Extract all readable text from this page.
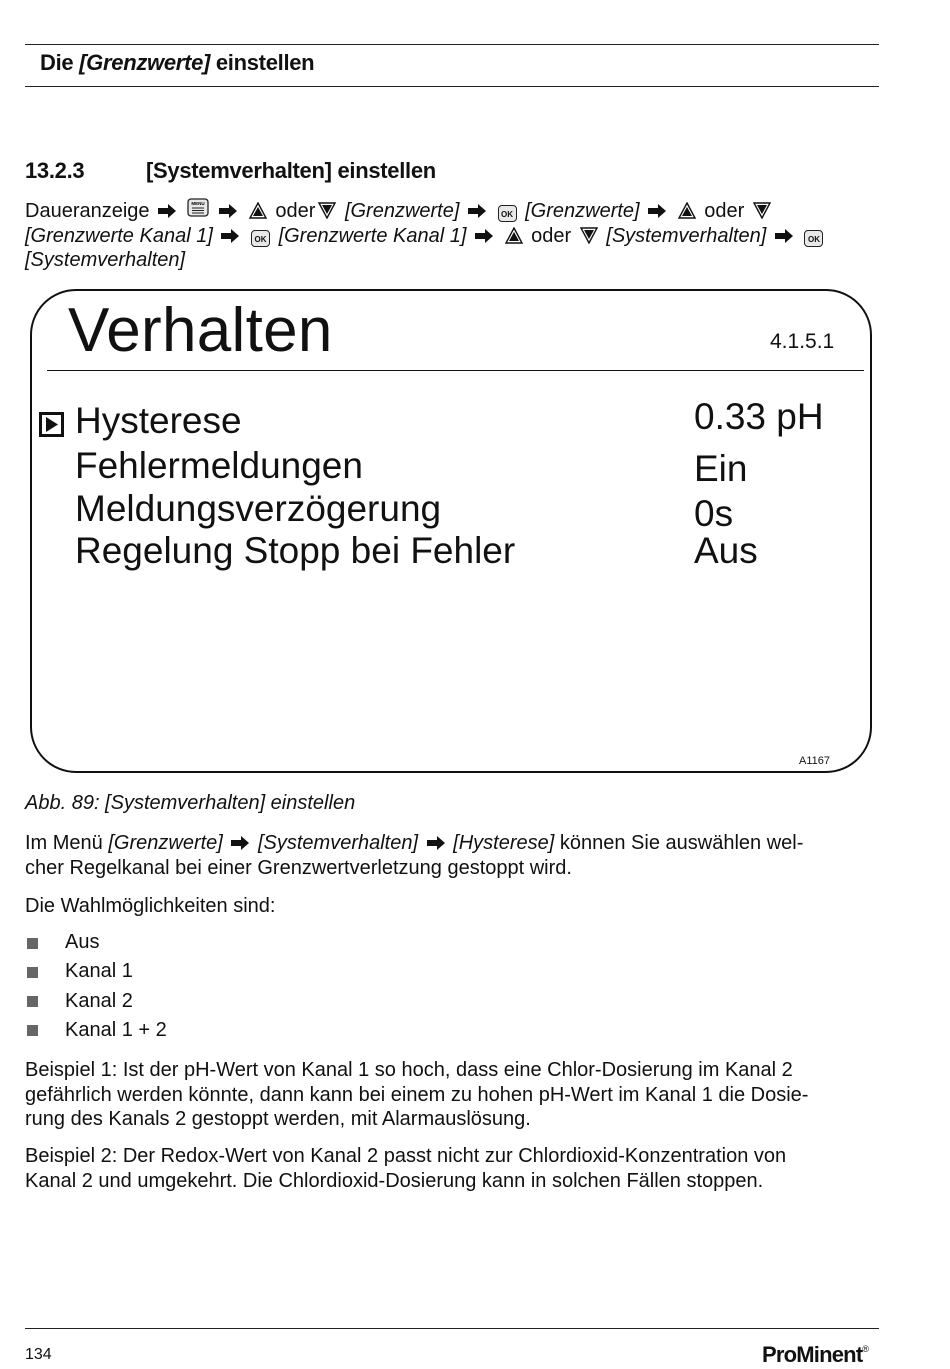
Die [Grenzwerte] einstellen
13.2.3	[Systemverhalten] einstellen
Daueranzeige	MENU	oder [Grenzwerte]	OK [Grenzwerte]	oder
[Grenzwerte Kanal 1]	OK [Grenzwerte Kanal 1]	oder [Systemverhalten]	OK
[Systemverhalten]
Verhalten	4.1.5.1
Hysterese	0.33 pH
Fehlermeldungen	Ein
Meldungsverzögerung	0s
Regelung Stopp bei Fehler	Aus
A1167
Abb. 89: [Systemverhalten] einstellen
Im Menü [Grenzwerte] [Systemverhalten] [Hysterese] können Sie auswählen wel-
cher Regelkanal bei einer Grenzwertverletzung gestoppt wird.
Die Wahlmöglichkeiten sind:
Aus
Kanal 1
Kanal 2
Kanal 1 + 2
Beispiel 1: Ist der pH-Wert von Kanal 1 so hoch, dass eine Chlor-Dosierung im Kanal 2
gefährlich werden könnte, dann kann bei einem zu hohen pH-Wert im Kanal 1 die Dosie-
rung des Kanals 2 gestoppt werden, mit Alarmauslösung.
Beispiel 2: Der Redox-Wert von Kanal 2 passt nicht zur Chlordioxid-Konzentration von
Kanal 2 und umgekehrt. Die Chlordioxid-Dosierung kann in solchen Fällen stoppen.
134	ProMinent®
